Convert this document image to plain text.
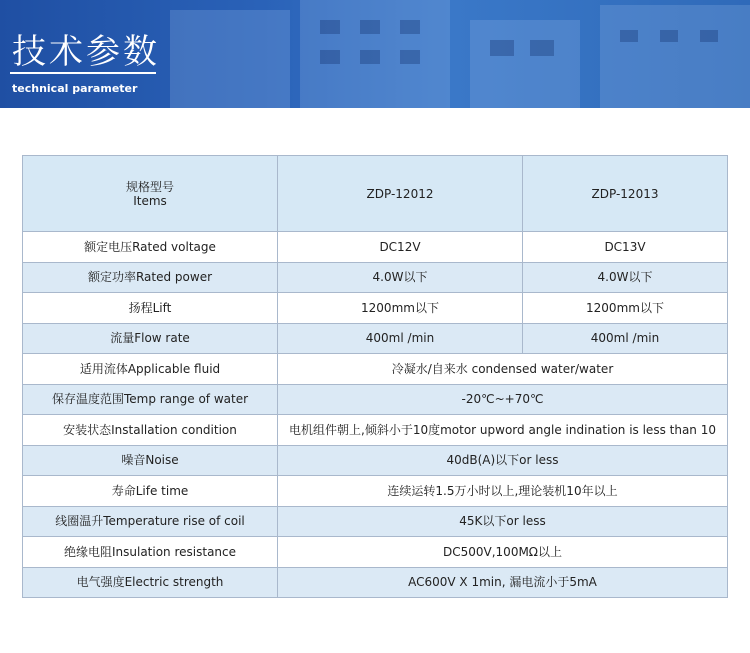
技术参数
technical parameter
规格型号
Items	ZDP-12012	ZDP-12013
额定电压Rated voltage	DC12V	DC13V
额定功率Rated power	4.0W以下	4.0W以下
扬程Lift	1200mm以下	1200mm以下
流量Flow rate	400ml /min	400ml /min
适用流体Applicable fluid	冷凝水/自来水 condensed water/water	
保存温度范围Temp range of water	-20℃~+70℃	
安装状态Installation condition	电机组件朝上,倾斜小于10度motor upword angle indination is less than 10	
噪音Noise	40dB(A)以下or less	
寿命Life time	连续运转1.5万小时以上,理论装机10年以上	
线圈温升Temperature rise of coil	45K以下or less	
绝缘电阻Insulation resistance	DC500V,100MΩ以上	
电气强度Electric strength	AC600V X 1min, 漏电流小于5mA	
